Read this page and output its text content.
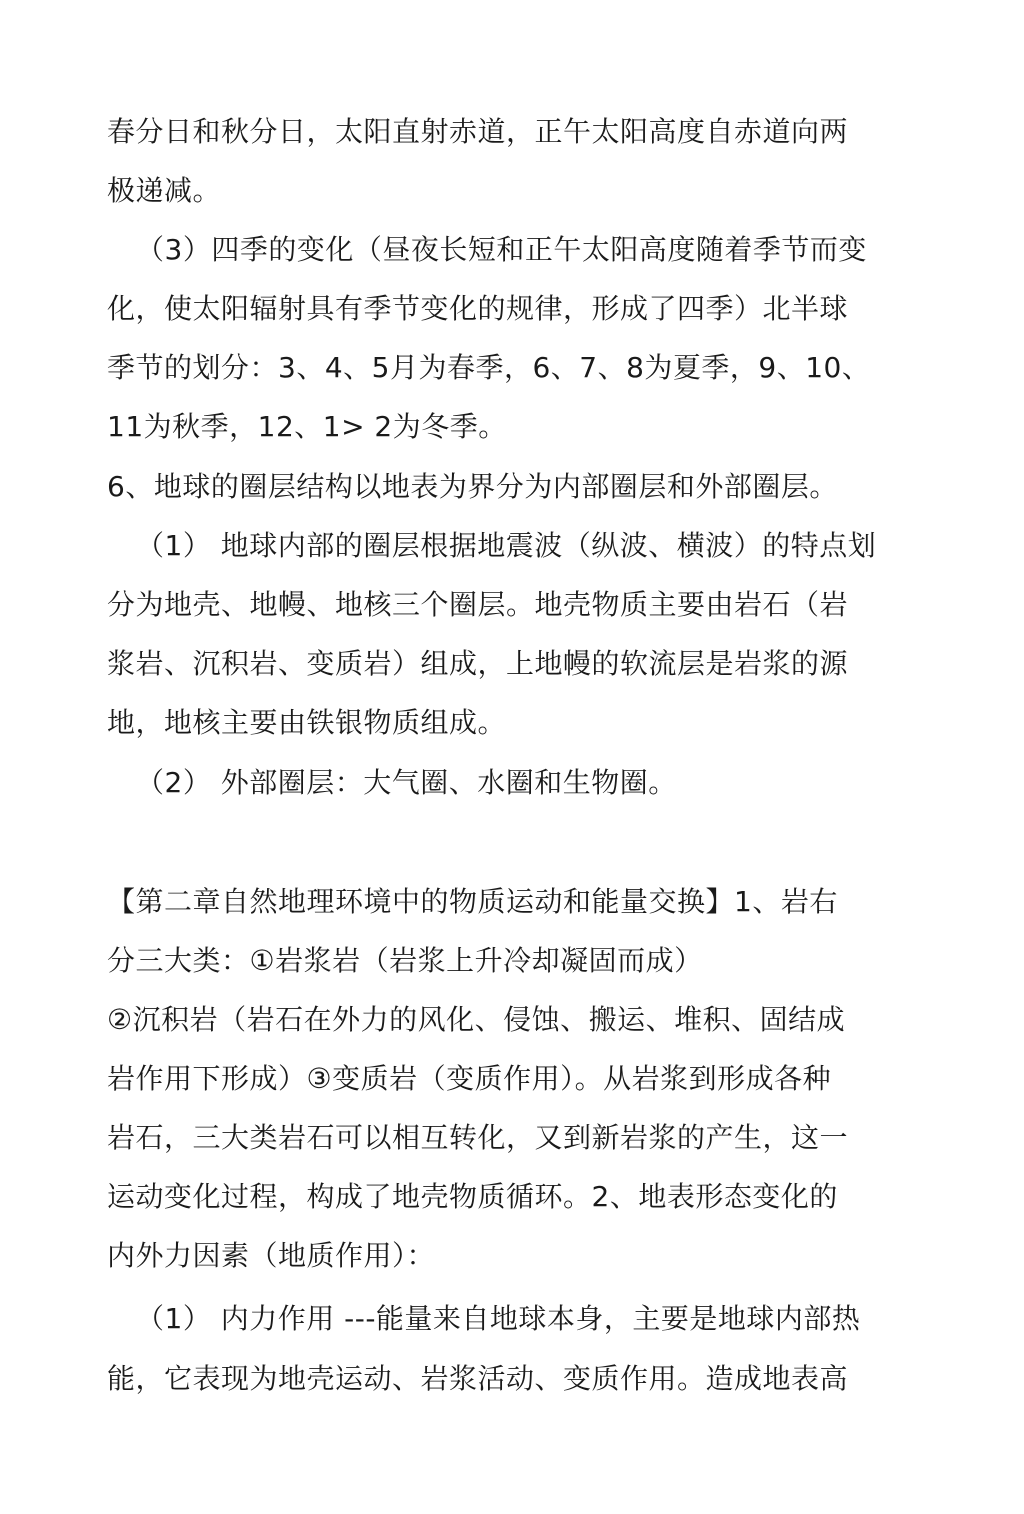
春分日和秋分日，太阳直射赤道，正午太阳高度自赤道向两
极递减。
（3）四季的变化（昼夜长短和正午太阳高度随着季节而变
化，使太阳辐射具有季节变化的规律，形成了四季）北半球
季节的划分：3、4、5月为春季，6、7、8为夏季，9、10、
11为秋季，12、1> 2为冬季。
6、地球的圈层结构以地表为界分为内部圈层和外部圈层。
（1） 地球内部的圈层根据地震波（纵波、横波）的特点划
分为地壳、地幔、地核三个圈层。地壳物质主要由岩石（岩
浆岩、沉积岩、变质岩）组成，上地幔的软流层是岩浆的源
地，地核主要由铁银物质组成。
（2） 外部圈层：大气圈、水圈和生物圈。
【第二章自然地理环境中的物质运动和能量交换】1、岩右
分三大类：①岩浆岩（岩浆上升冷却凝固而成）
②沉积岩（岩石在外力的风化、侵蚀、搬运、堆积、固结成
岩作用下形成）③变质岩（变质作用）。从岩浆到形成各种
岩石，三大类岩石可以相互转化，又到新岩浆的产生，这一
运动变化过程，构成了地壳物质循环。2、地表形态变化的
内外力因素（地质作用）：
（1） 内力作用 ---能量来自地球本身，主要是地球内部热
能，它表现为地壳运动、岩浆活动、变质作用。造成地表高
